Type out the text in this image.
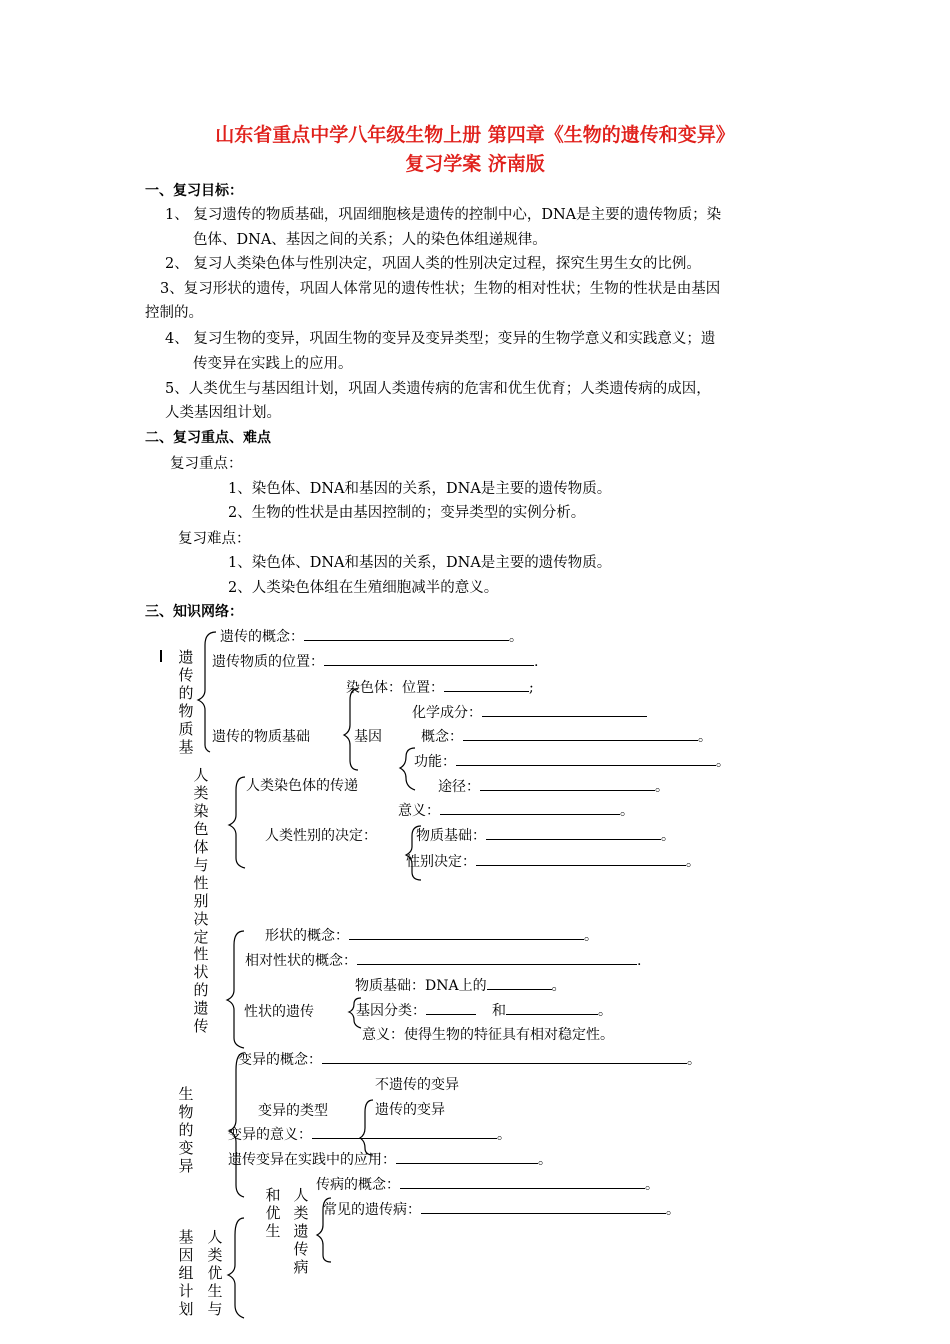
山东省重点中学八年级生物上册 第四章《生物的遗传和变异》
复习学案 济南版
一、复习目标：
1、 复习遗传的物质基础，巩固细胞核是遗传的控制中心，DNA是主要的遗传物质；染
色体、DNA、基因之间的关系；人的染色体组递规律。
2、 复习人类染色体与性别决定，巩固人类的性别决定过程，探究生男生女的比例。
3、复习形状的遗传，巩固人体常见的遗传性状；生物的相对性状；生物的性状是由基因
控制的。
4、 复习生物的变异，巩固生物的变异及变异类型；变异的生物学意义和实践意义；遗
传变异在实践上的应用。
5、人类优生与基因组计划，巩固人类遗传病的危害和优生优育；人类遗传病的成因，
人类基因组计划。
二、复习重点、难点
复习重点：
1、染色体、DNA和基因的关系，DNA是主要的遗传物质。
2、生物的性状是由基因控制的；变异类型的实例分析。
复习难点：
1、染色体、DNA和基因的关系，DNA是主要的遗传物质。
2、人类染色体组在生殖细胞减半的意义。
三、知识网络：
遗传的物质基
人类染色体与性别决定
性状的遗传
生物的变异
人类优生与
基因组计划
和优生
人类遗传病
遗传的概念：	。
遗传物质的位置：	.
染色体：位置：	;
化学成分：
遗传的物质基础	基因	概念：	。
功能：	。
人类染色体的传递	途径：	。
意义：	。
人类性别的决定：	物质基础：	。
性别决定：	。
形状的概念：	。
相对性状的概念：	.
物质基础：DNA上的	。
性状的遗传	基因分类：	和	。
意义：使得生物的特征具有相对稳定性。
变异的概念：	。
不遗传的变异
变异的类型	遗传的变异
变异的意义：	。
遗传变异在实践中的应用：	。
传病的概念：	。
常见的遗传病：	。
